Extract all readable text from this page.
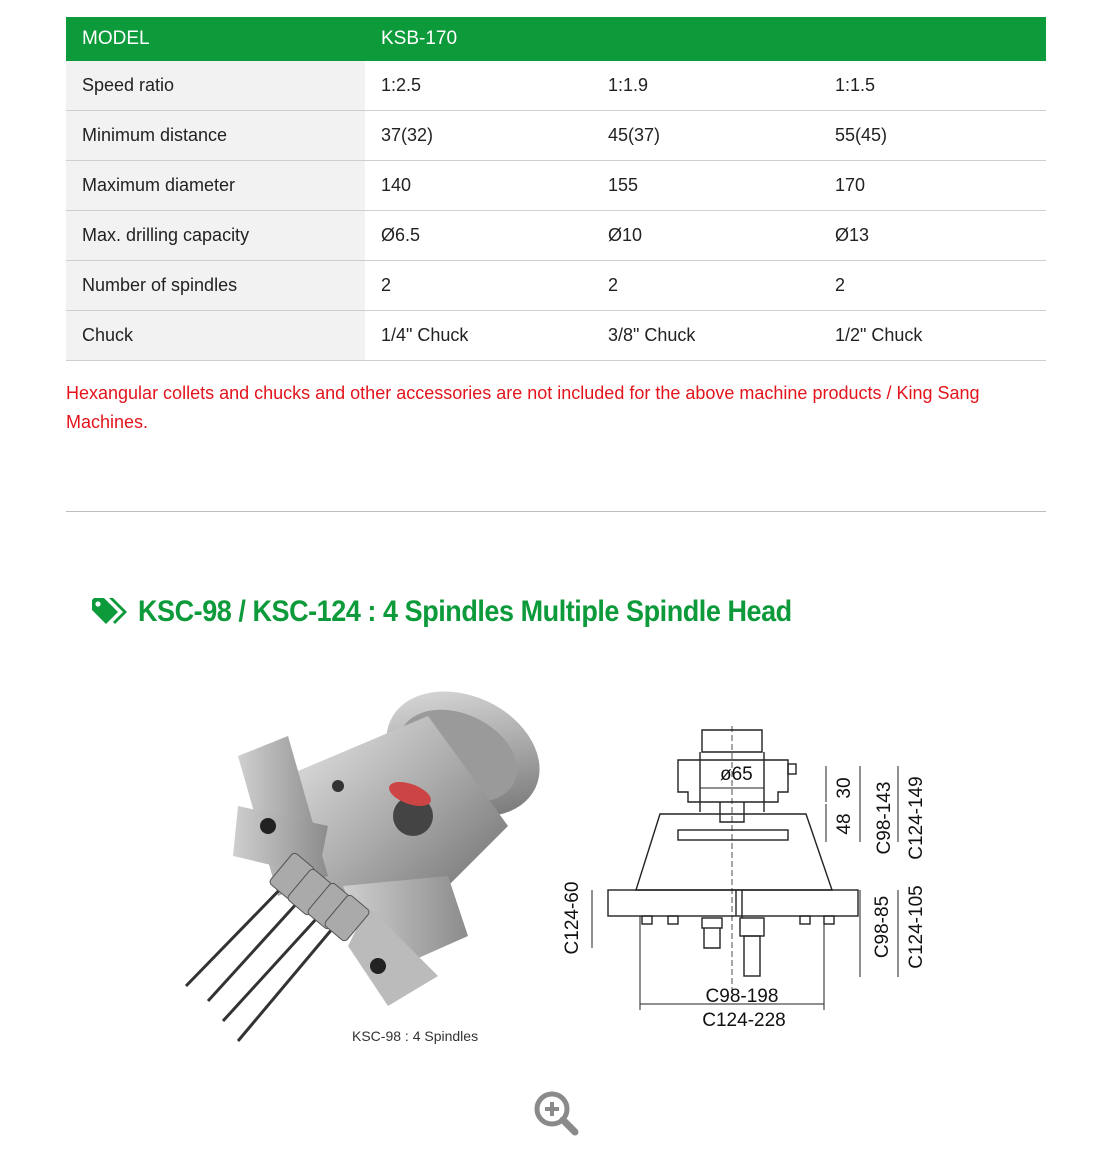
MODEL	KSB-170		
Speed ratio	1:2.5	1:1.9	1:1.5
Minimum distance	37(32)	45(37)	55(45)
Maximum diameter	140	155	170
Max. drilling capacity	Ø6.5	Ø10	Ø13
Number of spindles	2	2	2
Chuck	1/4" Chuck	3/8" Chuck	1/2" Chuck
Hexangular collets and chucks and other accessories are not included for the above machine products / King Sang Machines.
KSC-98 / KSC-124 : 4 Spindles Multiple Spindle Head
KSC-98 : 4 Spindles
ø65
30
48 C98-143 C124-149
C98-85 C124-105
C124-60
C98-198
C124-228
